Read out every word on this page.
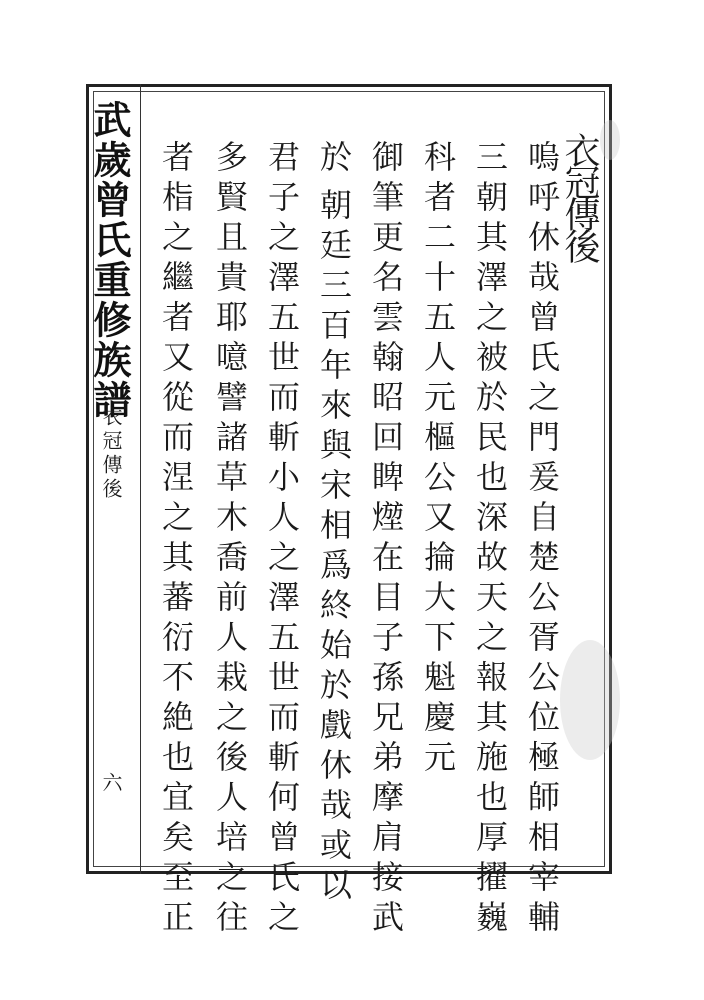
武歲曾氏重修族譜
衣冠傳後
六
衣冠傳後
嗚呼休哉曾氏之門爰自楚公胥公位極師相宰輔
三朝其澤之被於民也深故天之報其施也厚擢巍
科者二十五人元樞公又掄大下魁慶元
御筆更名雲翰昭回睥𤍣在目子孫兄弟摩肩接武
於
朝廷三百年來與宋相爲終始於戲休哉或以
君子之澤五世而斬小人之澤五世而斬何曾氏之
多賢且貴耶噫譬諸草木喬前人栽之後人培之往
者栺之繼者又從而涅之其蕃衍不絶也宜矣至正
